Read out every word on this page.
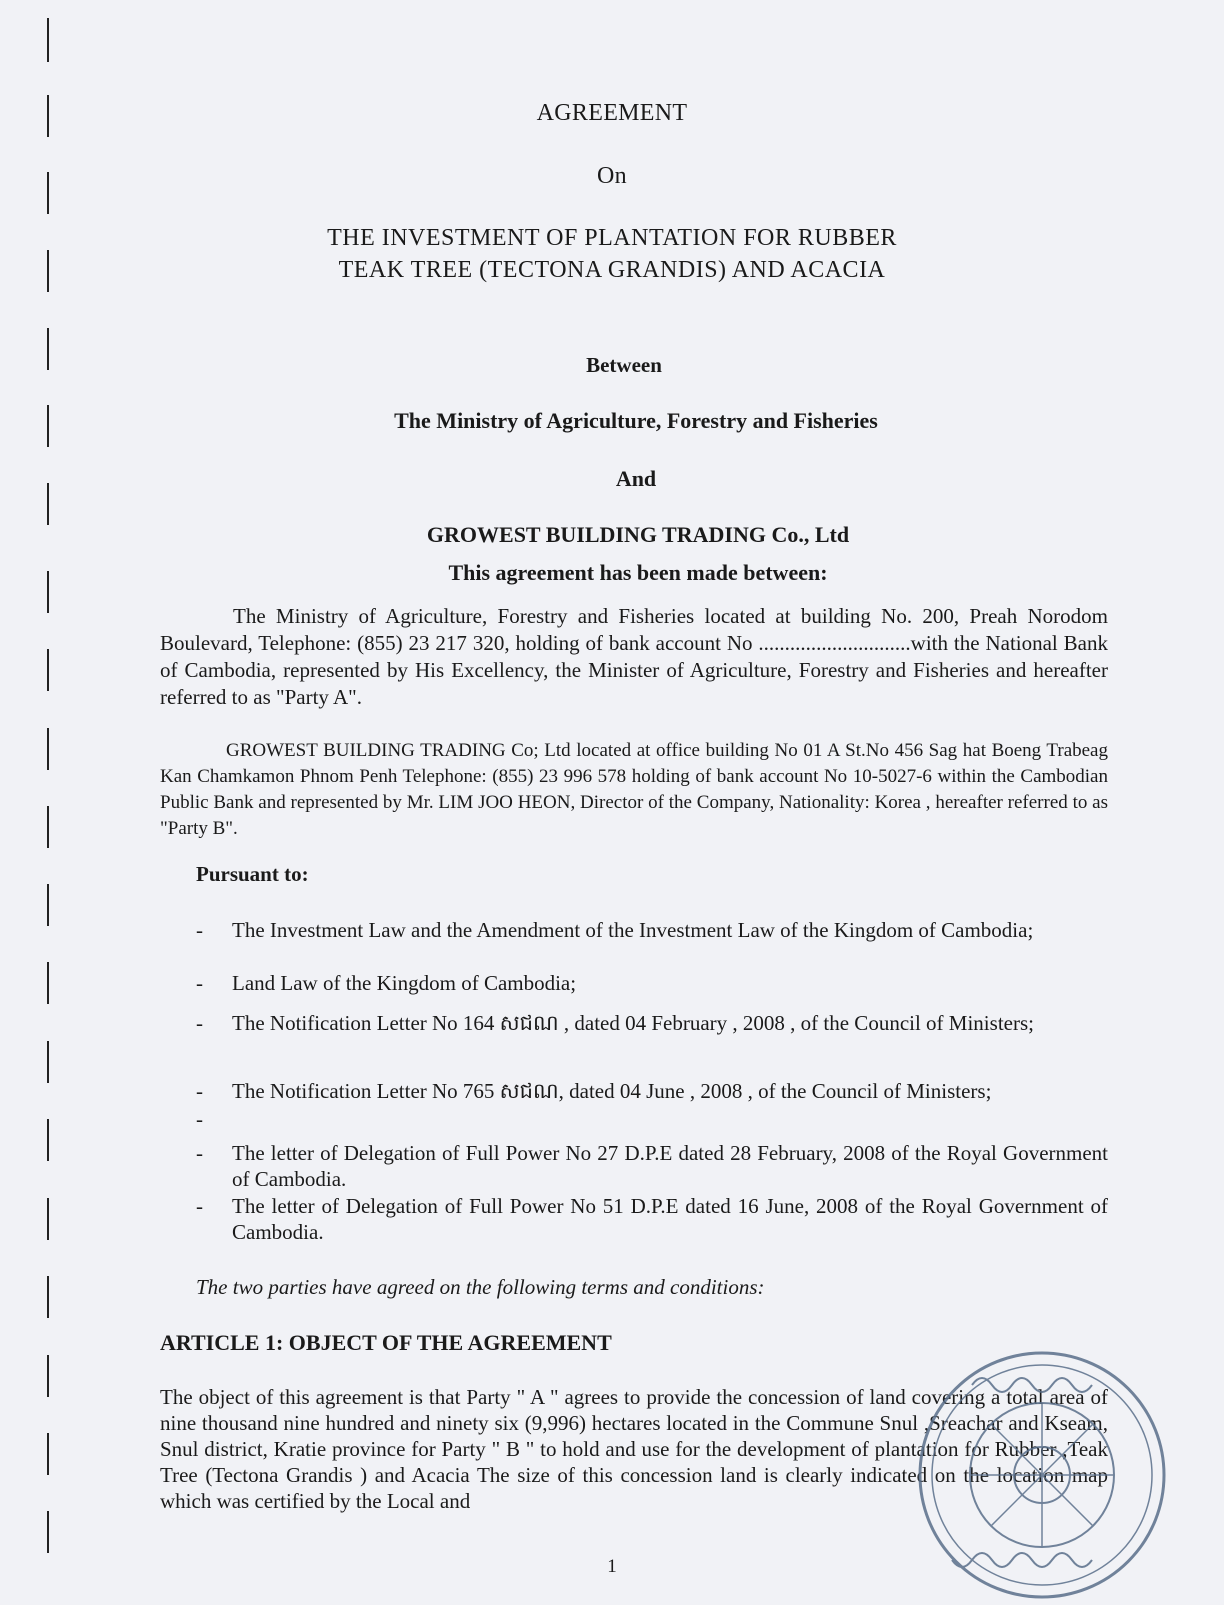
AGREEMENT
On
THE INVESTMENT OF PLANTATION FOR RUBBER
TEAK TREE (TECTONA GRANDIS) AND ACACIA
Between
The Ministry of Agriculture, Forestry and Fisheries
And
GROWEST BUILDING TRADING Co., Ltd
This agreement has been made between:

The Ministry of Agriculture, Forestry and Fisheries located at building No. 200, Preah Norodom Boulevard, Telephone: (855) 23 217 320, holding of bank account No .............................with the National Bank of Cambodia, represented by His Excellency, the Minister of Agriculture, Forestry and Fisheries and hereafter referred to as "Party A".

GROWEST BUILDING TRADING Co; Ltd located at office building No 01 A St.No 456 Sag hat Boeng Trabeag Kan Chamkamon Phnom Penh Telephone: (855) 23 996 578 holding of bank account No 10-5027-6 within the Cambodian Public Bank and represented by Mr. LIM JOO HEON, Director of the Company, Nationality: Korea , hereafter referred to as "Party B".

Pursuant to:
- The Investment Law and the Amendment of the Investment Law of the Kingdom of Cambodia;
- Land Law of the Kingdom of Cambodia;
- The Notification Letter No 164 សជណ , dated 04 February , 2008 , of the Council of Ministers;
- The Notification Letter No 765 សជណ, dated 04 June , 2008 , of the Council of Ministers;
-
- The letter of Delegation of Full Power No 27 D.P.E dated 28 February, 2008 of the Royal Government of Cambodia.
- The letter of Delegation of Full Power No 51 D.P.E dated 16 June, 2008 of the Royal Government of Cambodia.
The two parties have agreed on the following terms and conditions:
ARTICLE 1: OBJECT OF THE AGREEMENT

The object of this agreement is that Party " A " agrees to provide the concession of land covering a total area of nine thousand nine hundred and ninety six (9,996) hectares located in the Commune Snul ,Sreachar and Kseam, Snul district, Kratie province for Party " B " to hold and use for the development of plantation for Rubber ,Teak Tree (Tectona Grandis ) and Acacia The size of this concession land is clearly indicated on the location map which was certified by the Local and

1
